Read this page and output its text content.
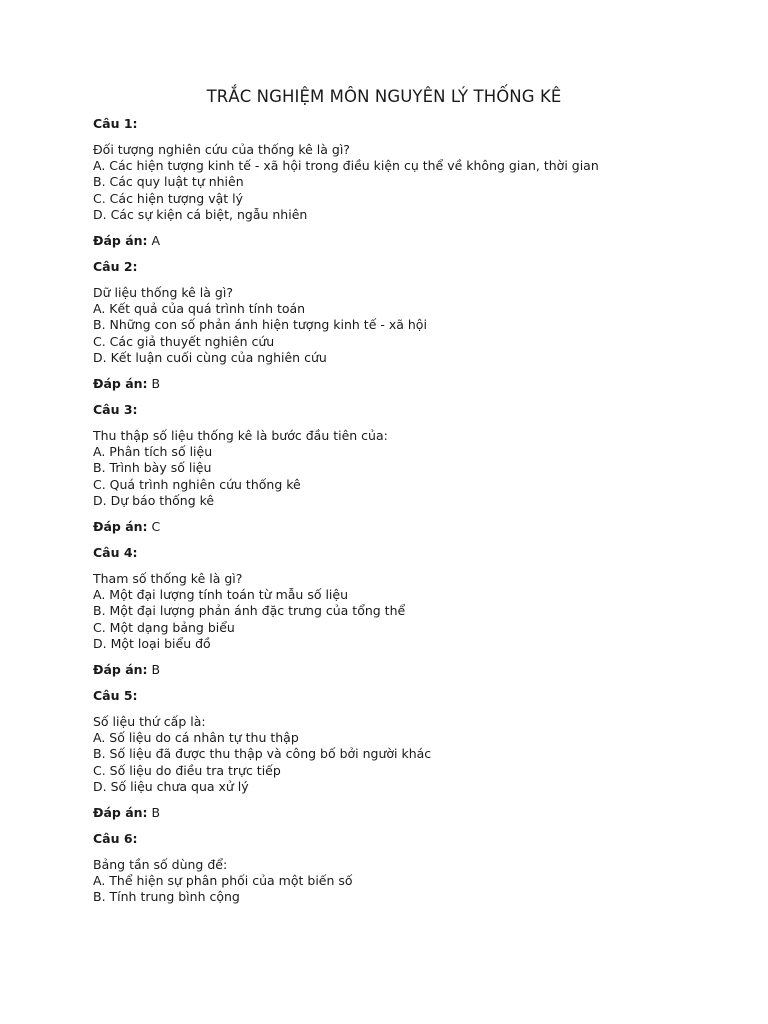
TRẮC NGHIỆM MÔN NGUYÊN LÝ THỐNG KÊ

Câu 1:

Đối tượng nghiên cứu của thống kê là gì?

A. Các hiện tượng kinh tế - xã hội trong điều kiện cụ thể về không gian, thời gian

B. Các quy luật tự nhiên

C. Các hiện tượng vật lý

D. Các sự kiện cá biệt, ngẫu nhiên

Đáp án: A

Câu 2:

Dữ liệu thống kê là gì?

A. Kết quả của quá trình tính toán

B. Những con số phản ánh hiện tượng kinh tế - xã hội

C. Các giả thuyết nghiên cứu

D. Kết luận cuối cùng của nghiên cứu

Đáp án: B

Câu 3:

Thu thập số liệu thống kê là bước đầu tiên của:

A. Phân tích số liệu

B. Trình bày số liệu

C. Quá trình nghiên cứu thống kê

D. Dự báo thống kê

Đáp án: C

Câu 4:

Tham số thống kê là gì?

A. Một đại lượng tính toán từ mẫu số liệu

B. Một đại lượng phản ánh đặc trưng của tổng thể

C. Một dạng bảng biểu

D. Một loại biểu đồ

Đáp án: B

Câu 5:

Số liệu thứ cấp là:

A. Số liệu do cá nhân tự thu thập

B. Số liệu đã được thu thập và công bố bởi người khác

C. Số liệu do điều tra trực tiếp

D. Số liệu chưa qua xử lý

Đáp án: B

Câu 6:

Bảng tần số dùng để:

A. Thể hiện sự phân phối của một biến số

B. Tính trung bình cộng
